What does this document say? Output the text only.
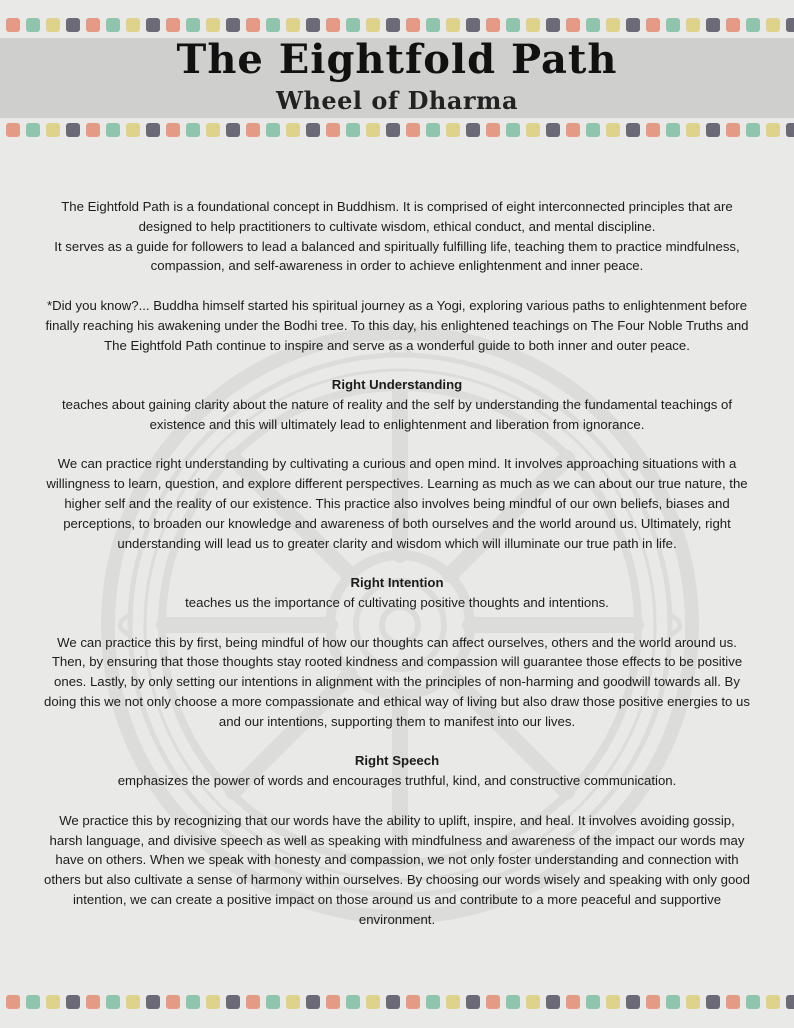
The Eightfold Path
Wheel of Dharma

The Eightfold Path is a foundational concept in Buddhism. It is comprised of eight interconnected principles that are designed to help practitioners to cultivate wisdom, ethical conduct, and mental discipline.

It serves as a guide for followers to lead a balanced and spiritually fulfilling life, teaching them to practice mindfulness, compassion, and self-awareness in order to achieve enlightenment and inner peace.

*Did you know?... Buddha himself started his spiritual journey as a Yogi, exploring various paths to enlightenment before finally reaching his awakening under the Bodhi tree. To this day, his enlightened teachings on The Four Noble Truths and The Eightfold Path continue to inspire and serve as a wonderful guide to both inner and outer peace.

Right Understanding

teaches about gaining clarity about the nature of reality and the self by understanding the fundamental teachings of existence and this will ultimately lead to enlightenment and liberation from ignorance.

We can practice right understanding by cultivating a curious and open mind. It involves approaching situations with a willingness to learn, question, and explore different perspectives. Learning as much as we can about our true nature, the higher self and the reality of our existence. This practice also involves being mindful of our own beliefs, biases and perceptions, to broaden our knowledge and awareness of both ourselves and the world around us. Ultimately, right understanding will lead us to greater clarity and wisdom which will illuminate our true path in life.

Right Intention

teaches us the importance of cultivating positive thoughts and intentions.

We can practice this by first, being mindful of how our thoughts can affect ourselves, others and the world around us. Then, by ensuring that those thoughts stay rooted kindness and compassion will guarantee those effects to be positive ones. Lastly, by only setting our intentions in alignment with the principles of non-harming and goodwill towards all. By doing this we not only choose a more compassionate and ethical way of living but also draw those positive energies to us and our intentions, supporting them to manifest into our lives.

Right Speech

emphasizes the power of words and encourages truthful, kind, and constructive communication.

We practice this by recognizing that our words have the ability to uplift, inspire, and heal. It involves avoiding gossip, harsh language, and divisive speech as well as speaking with mindfulness and awareness of the impact our words may have on others. When we speak with honesty and compassion, we not only foster understanding and connection with others but also cultivate a sense of harmony within ourselves. By choosing our words wisely and speaking with only good intention, we can create a positive impact on those around us and contribute to a more peaceful and supportive environment.
